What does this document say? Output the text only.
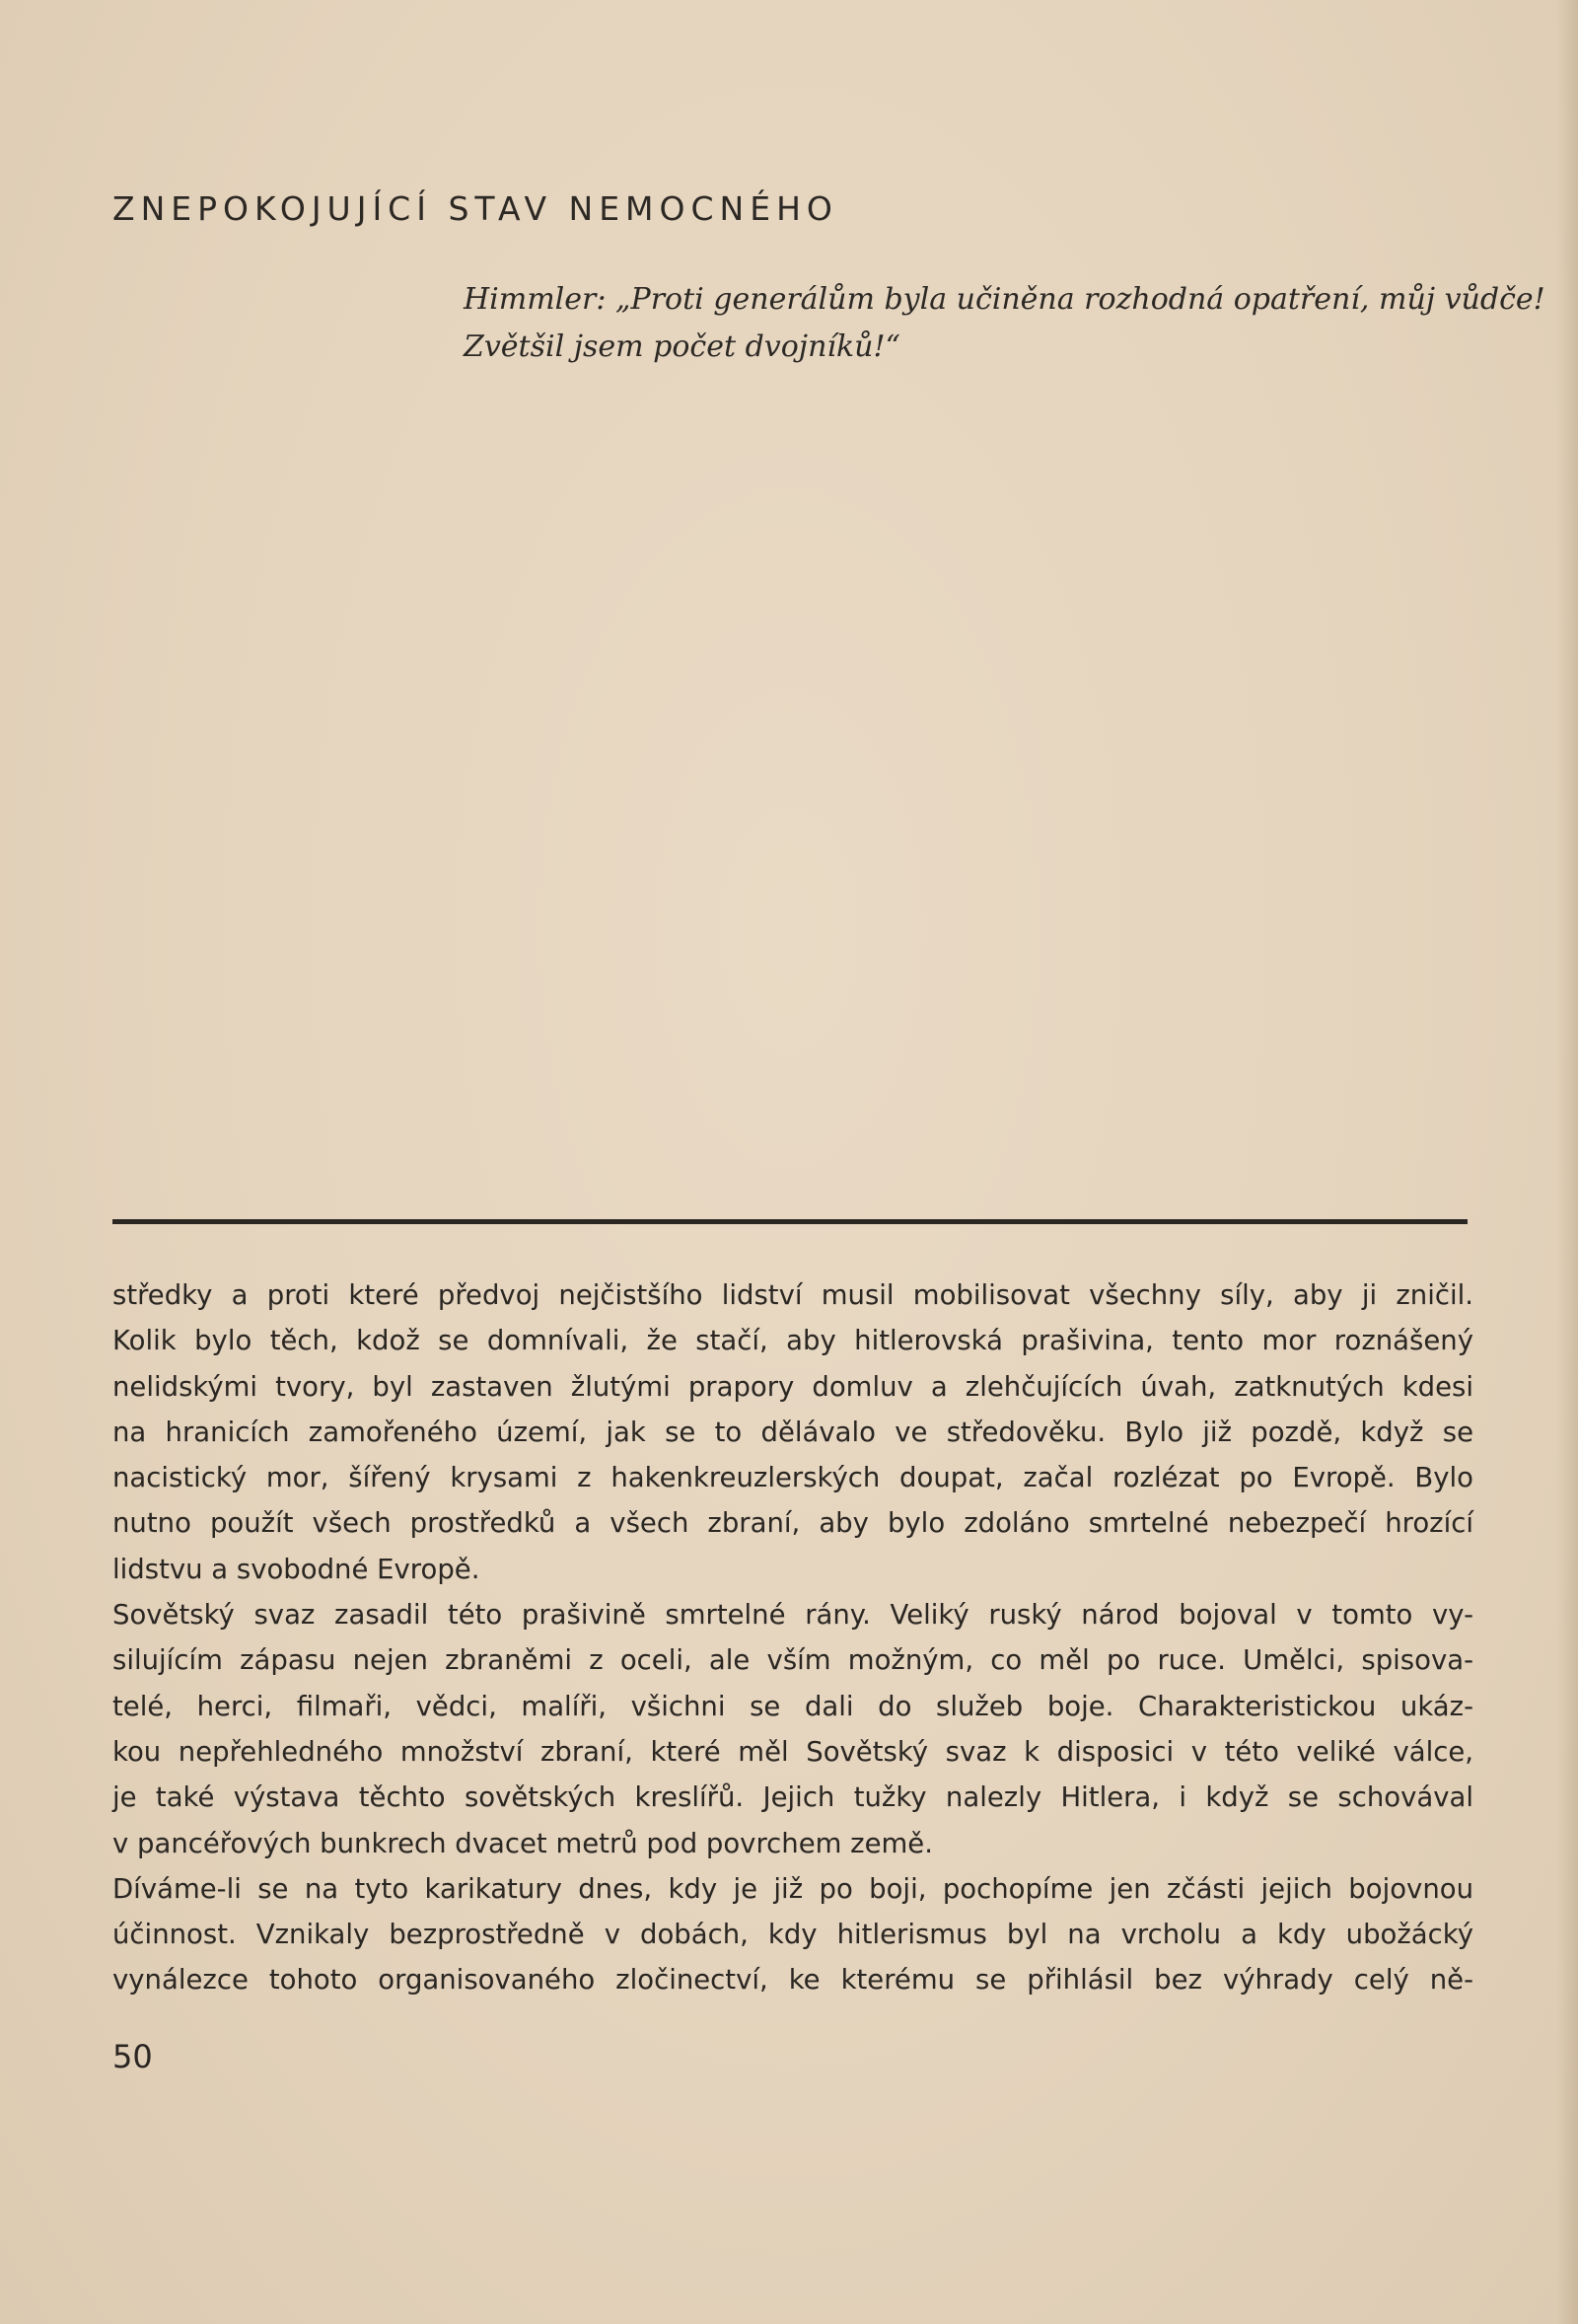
ZNEPOKOJUJÍCÍ STAV NEMOCNÉHO
Himmler: „Proti generálům byla učiněna rozhodná opatření, můj vůdče!
Zvětšil jsem počet dvojníků!“
středky a proti které předvoj nejčistšího lidství musil mobilisovat všechny síly, aby ji zničil.
Kolik bylo těch, kdož se domnívali, že stačí, aby hitlerovská prašivina, tento mor roznášený
nelidskými tvory, byl zastaven žlutými prapory domluv a zlehčujících úvah, zatknutých kdesi
na hranicích zamořeného území, jak se to dělávalo ve středověku. Bylo již pozdě, když se
nacistický mor, šířený krysami z hakenkreuzlerských doupat, začal rozlézat po Evropě. Bylo
nutno použít všech prostředků a všech zbraní, aby bylo zdoláno smrtelné nebezpečí hrozící
lidstvu a svobodné Evropě.
Sovětský svaz zasadil této prašivině smrtelné rány. Veliký ruský národ bojoval v tomto vy-
silujícím zápasu nejen zbraněmi z oceli, ale vším možným, co měl po ruce. Umělci, spisova-
telé, herci, filmaři, vědci, malíři, všichni se dali do služeb boje. Charakteristickou ukáz-
kou nepřehledného množství zbraní, které měl Sovětský svaz k disposici v této veliké válce,
je také výstava těchto sovětských kreslířů. Jejich tužky nalezly Hitlera, i když se schovával
v pancéřových bunkrech dvacet metrů pod povrchem země.
Díváme-li se na tyto karikatury dnes, kdy je již po boji, pochopíme jen zčásti jejich bojovnou
účinnost. Vznikaly bezprostředně v dobách, kdy hitlerismus byl na vrcholu a kdy ubožácký
vynálezce tohoto organisovaného zločinectví, ke kterému se přihlásil bez výhrady celý ně-
50
